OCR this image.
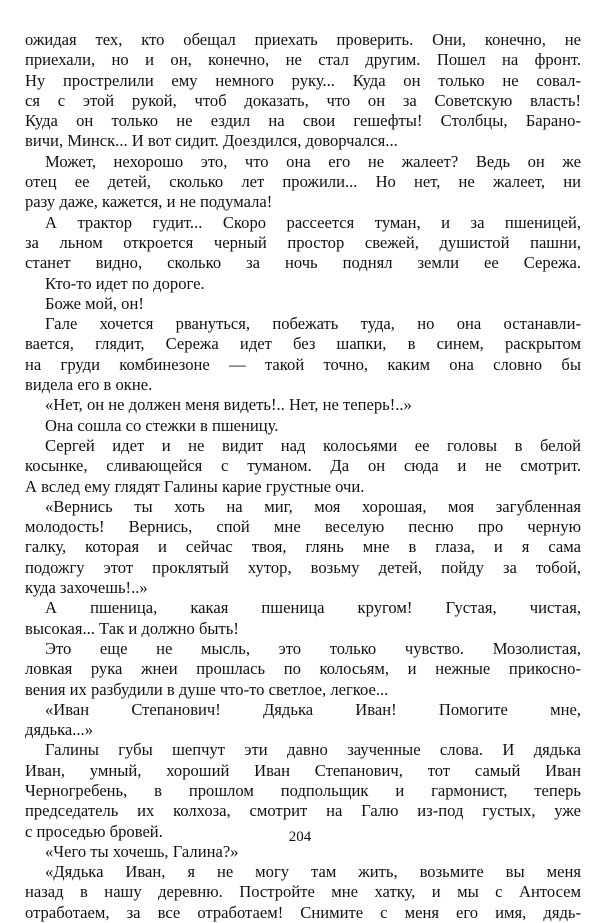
ожидая тех, кто обещал приехать проверить. Они, конечно, не
приехали, но и он, конечно, не стал другим. Пошел на фронт.
Ну прострелили ему немного руку... Куда он только не совал-
ся с этой рукой, чтоб доказать, что он за Советскую власть!
Куда он только не ездил на свои гешефты! Столбцы, Барано-
вичи, Минск... И вот сидит. Доездился, доворчался...
Может, нехорошо это, что она его не жалеет? Ведь он же
отец ее детей, сколько лет прожили... Но нет, не жалеет, ни
разу даже, кажется, и не подумала!
А трактор гудит... Скоро рассеется туман, и за пшеницей,
за льном откроется черный простор свежей, душистой пашни,
станет видно, сколько за ночь поднял земли ее Сережа.
Кто-то идет по дороге.
Боже мой, он!
Гале хочется рвануться, побежать туда, но она останавли-
вается, глядит, Сережа идет без шапки, в синем, раскрытом
на груди комбинезоне — такой точно, каким она словно бы
видела его в окне.
«Нет, он не должен меня видеть!.. Нет, не теперь!..»
Она сошла со стежки в пшеницу.
Сергей идет и не видит над колосьями ее головы в белой
косынке, сливающейся с туманом. Да он сюда и не смотрит.
А вслед ему глядят Галины карие грустные очи.
«Вернись ты хоть на миг, моя хорошая, моя загубленная
молодость! Вернись, спой мне веселую песню про черную
галку, которая и сейчас твоя, глянь мне в глаза, и я сама
подожгу этот проклятый хутор, возьму детей, пойду за тобой,
куда захочешь!..»
А пшеница, какая пшеница кругом! Густая, чистая,
высокая... Так и должно быть!
Это еще не мысль, это только чувство. Мозолистая,
ловкая рука жнеи прошлась по колосьям, и нежные прикосно-
вения их разбудили в душе что-то светлое, легкое...
«Иван Степанович! Дядька Иван! Помогите мне,
дядька...»
Галины губы шепчут эти давно заученные слова. И дядька
Иван, умный, хороший Иван Степанович, тот самый Иван
Черногребень, в прошлом подпольщик и гармонист, теперь
председатель их колхоза, смотрит на Галю из-под густых, уже
с проседью бровей.
«Чего ты хочешь, Галина?»
«Дядька Иван, я не могу там жить, возьмите вы меня
назад в нашу деревню. Постройте мне хатку, и мы с Антосем
отработаем, за все отработаем! Снимите с меня его имя, дядь-
204
